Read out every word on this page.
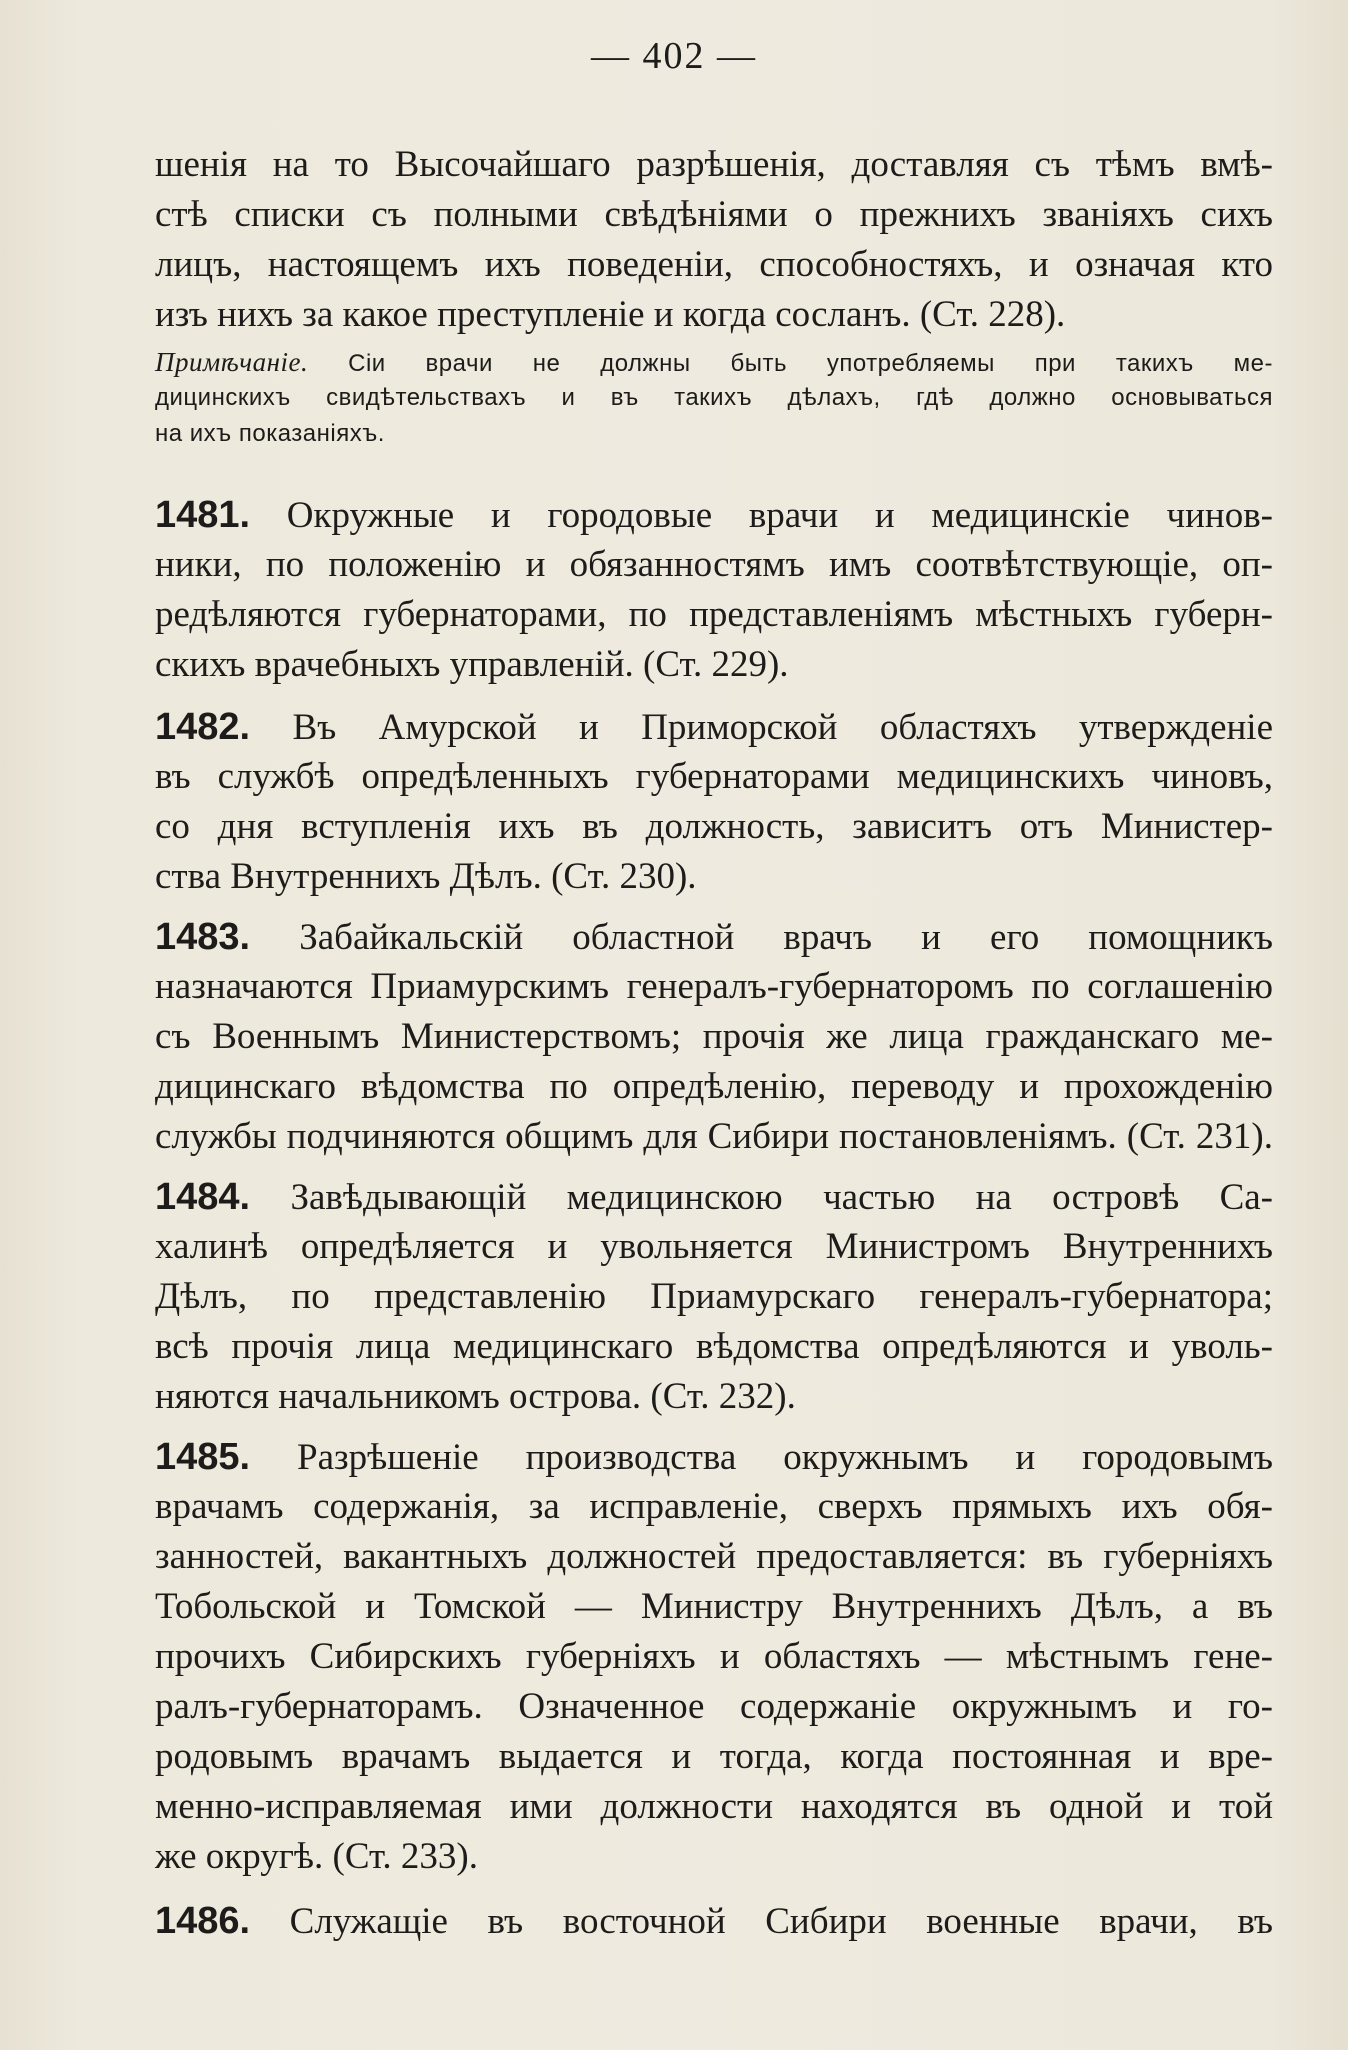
— 402 —
шенія на то Высочайшаго разрѣшенія, доставляя съ тѣмъ вмѣ-
стѣ списки съ полными свѣдѣніями о прежнихъ званіяхъ сихъ
лицъ, настоящемъ ихъ поведеніи, способностяхъ, и означая кто
изъ нихъ за какое преступленіе и когда сосланъ. (Ст. 228).
Примѣчаніе. Сіи врачи не должны быть употребляемы при такихъ ме-
дицинскихъ свидѣтельствахъ и въ такихъ дѣлахъ, гдѣ должно основываться
на ихъ показаніяхъ.
1481. Окружные и городовые врачи и медицинскіе чинов-
ники, по положенію и обязанностямъ имъ соотвѣтствующіе, оп-
редѣляются губернаторами, по представленіямъ мѣстныхъ губерн-
скихъ врачебныхъ управленій. (Ст. 229).
1482. Въ Амурской и Приморской областяхъ утвержденіе
въ службѣ опредѣленныхъ губернаторами медицинскихъ чиновъ,
со дня вступленія ихъ въ должность, зависитъ отъ Министер-
ства Внутреннихъ Дѣлъ. (Ст. 230).
1483. Забайкальскій областной врачъ и его помощникъ
назначаются Приамурскимъ генералъ-губернаторомъ по соглашенію
съ Военнымъ Министерствомъ; прочія же лица гражданскаго ме-
дицинскаго вѣдомства по опредѣленію, переводу и прохожденію
службы подчиняются общимъ для Сибири постановленіямъ. (Ст. 231).
1484. Завѣдывающій медицинскою частью на островѣ Са-
халинѣ опредѣляется и увольняется Министромъ Внутреннихъ
Дѣлъ, по представленію Приамурскаго генералъ-губернатора;
всѣ прочія лица медицинскаго вѣдомства опредѣляются и уволь-
няются начальникомъ острова. (Ст. 232).
1485. Разрѣшеніе производства окружнымъ и городовымъ
врачамъ содержанія, за исправленіе, сверхъ прямыхъ ихъ обя-
занностей, вакантныхъ должностей предоставляется: въ губерніяхъ
Тобольской и Томской — Министру Внутреннихъ Дѣлъ, а въ
прочихъ Сибирскихъ губерніяхъ и областяхъ — мѣстнымъ гене-
ралъ-губернаторамъ. Означенное содержаніе окружнымъ и го-
родовымъ врачамъ выдается и тогда, когда постоянная и вре-
менно-исправляемая ими должности находятся въ одной и той
же округѣ. (Ст. 233).
1486. Служащіе въ восточной Сибири военные врачи, въ
